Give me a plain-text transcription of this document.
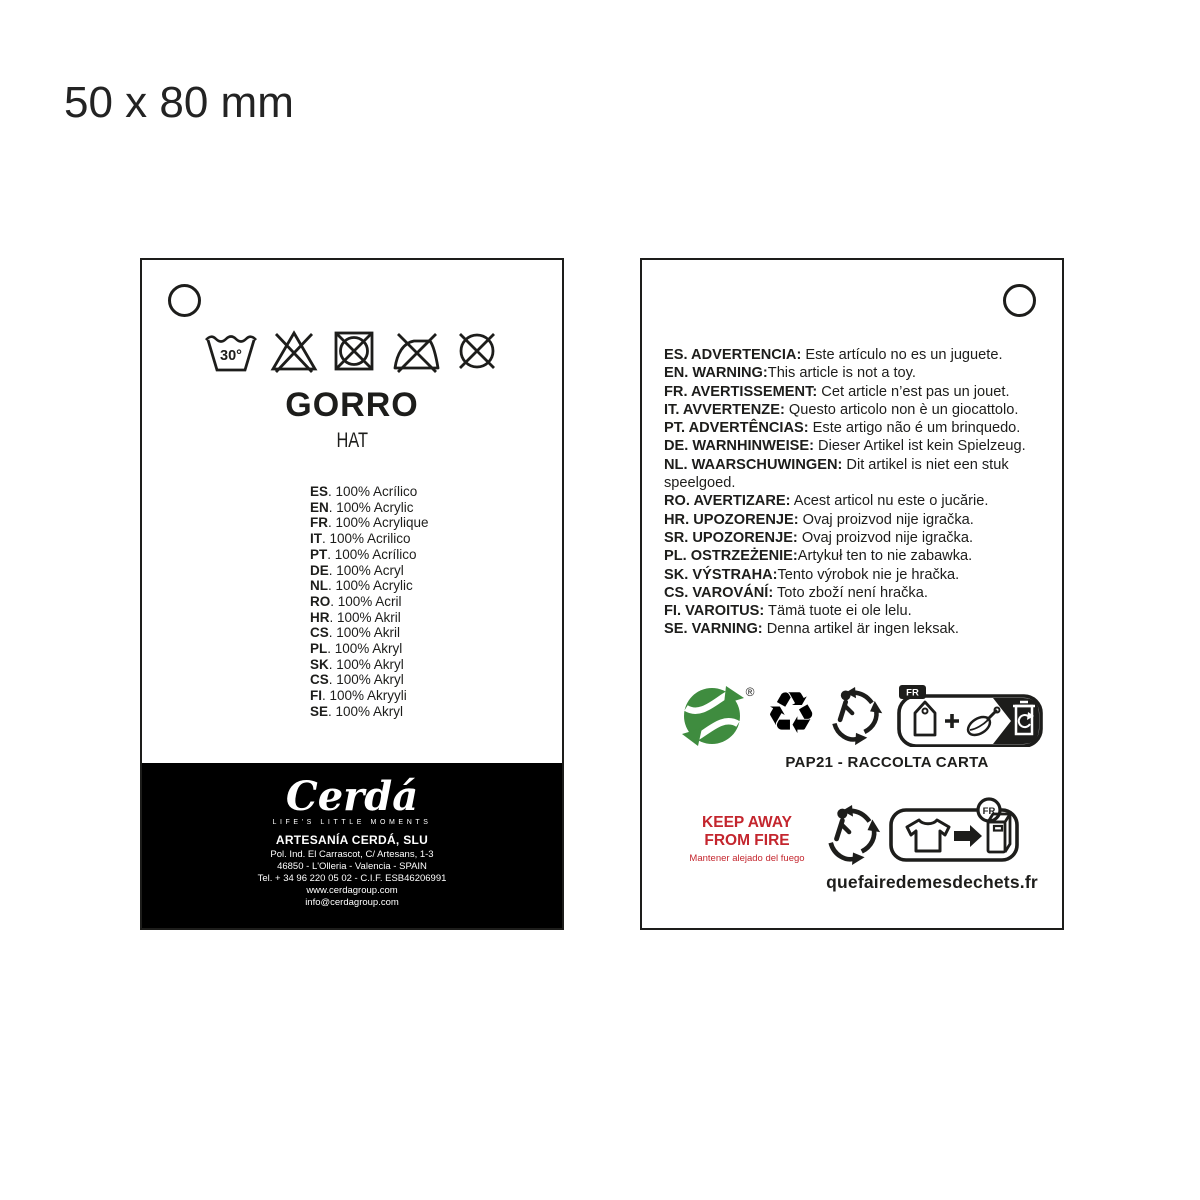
50 x 80 mm
30°
GORRO
HAT
ES. 100% Acrílico
EN. 100% Acrylic
FR. 100% Acrylique
IT. 100% Acrilico
PT. 100% Acrílico
DE. 100% Acryl
NL. 100% Acrylic
RO. 100% Acril
HR. 100% Akril
CS. 100% Akril
PL. 100% Akryl
SK. 100% Akryl
CS. 100% Akryl
FI. 100% Akryyli
SE. 100% Akryl
Cerdá
LIFE'S LITTLE MOMENTS
ARTESANÍA CERDÁ, SLU
Pol. Ind. El Carrascot, C/ Artesans, 1-3
46850 - L'Olleria - Valencia - SPAIN
Tel. + 34 96 220 05 02 - C.I.F. ESB46206991
www.cerdagroup.com
info@cerdagroup.com
ES. ADVERTENCIA: Este artículo no es un juguete.
EN. WARNING:This article is not a toy.
FR. AVERTISSEMENT: Cet article n’est pas un jouet.
IT. AVVERTENZE: Questo articolo non è un giocattolo.
PT. ADVERTÊNCIAS: Este artigo não é um brinquedo.
DE. WARNHINWEISE: Dieser Artikel ist kein Spielzeug.
NL. WAARSCHUWINGEN: Dit artikel is niet een stuk speelgoed.
RO. AVERTIZARE: Acest articol nu este o jucărie.
HR. UPOZORENJE: Ovaj proizvod nije igračka.
SR. UPOZORENJE: Ovaj proizvod nije igračka.
PL. OSTRZEŻENIE:Artykuł ten to nie zabawka.
SK. VÝSTRAHA:Tento výrobok nie je hračka.
CS. VAROVÁNÍ: Toto zboží není hračka.
FI. VAROITUS: Tämä tuote ei ole lelu.
SE. VARNING: Denna artikel är ingen leksak.
® ♻	FR
PAP21 - RACCOLTA CARTA
KEEP AWAY
FROM FIRE
Mantener alejado del fuego
FR
quefairedemesdechets.fr
